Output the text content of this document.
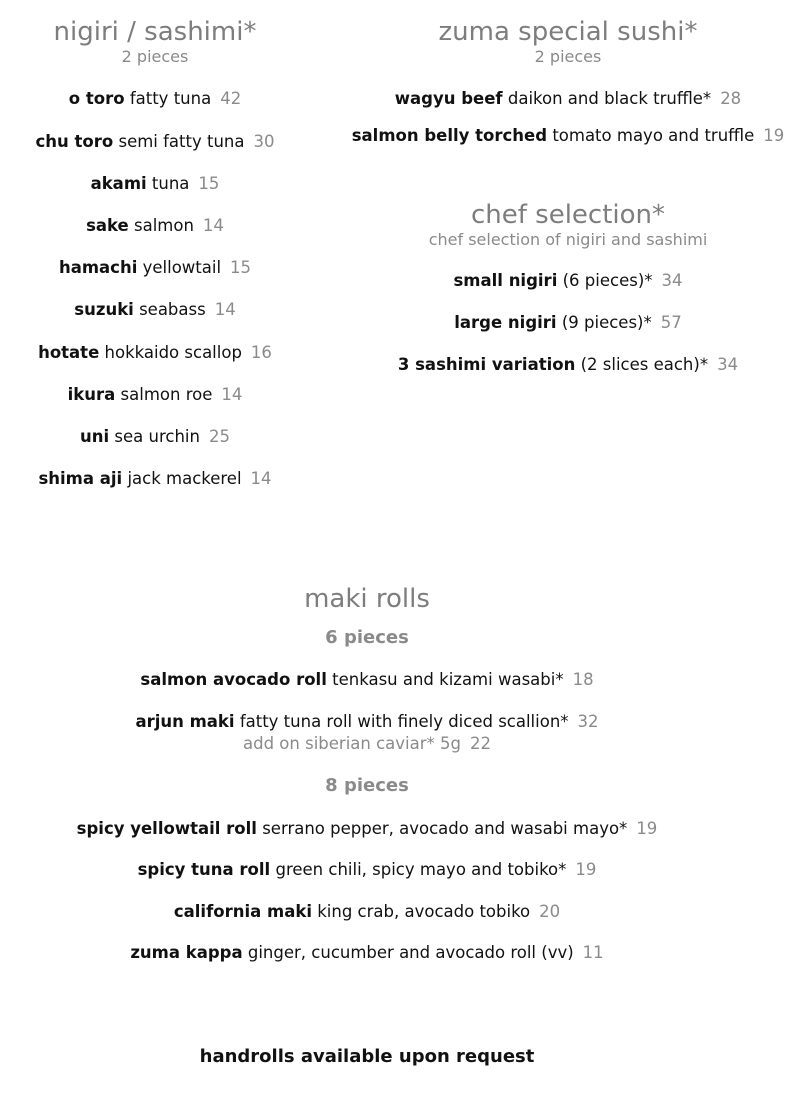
nigiri / sashimi*
2 pieces
o toro fatty tuna 42
chu toro semi fatty tuna 30
akami tuna 15
sake salmon 14
hamachi yellowtail 15
suzuki seabass 14
hotate hokkaido scallop 16
ikura salmon roe 14
uni sea urchin 25
shima aji jack mackerel 14
zuma special sushi*
2 pieces
wagyu beef daikon and black truffle* 28
salmon belly torched tomato mayo and truffle 19
chef selection*
chef selection of nigiri and sashimi
small nigiri (6 pieces)* 34
large nigiri (9 pieces)* 57
3 sashimi variation (2 slices each)* 34
maki rolls
6 pieces
salmon avocado roll tenkasu and kizami wasabi* 18
arjun maki fatty tuna roll with finely diced scallion* 32
add on siberian caviar* 5g 22
8 pieces
spicy yellowtail roll serrano pepper, avocado and wasabi mayo* 19
spicy tuna roll green chili, spicy mayo and tobiko* 19
california maki king crab, avocado tobiko 20
zuma kappa ginger, cucumber and avocado roll (vv) 11
handrolls available upon request
